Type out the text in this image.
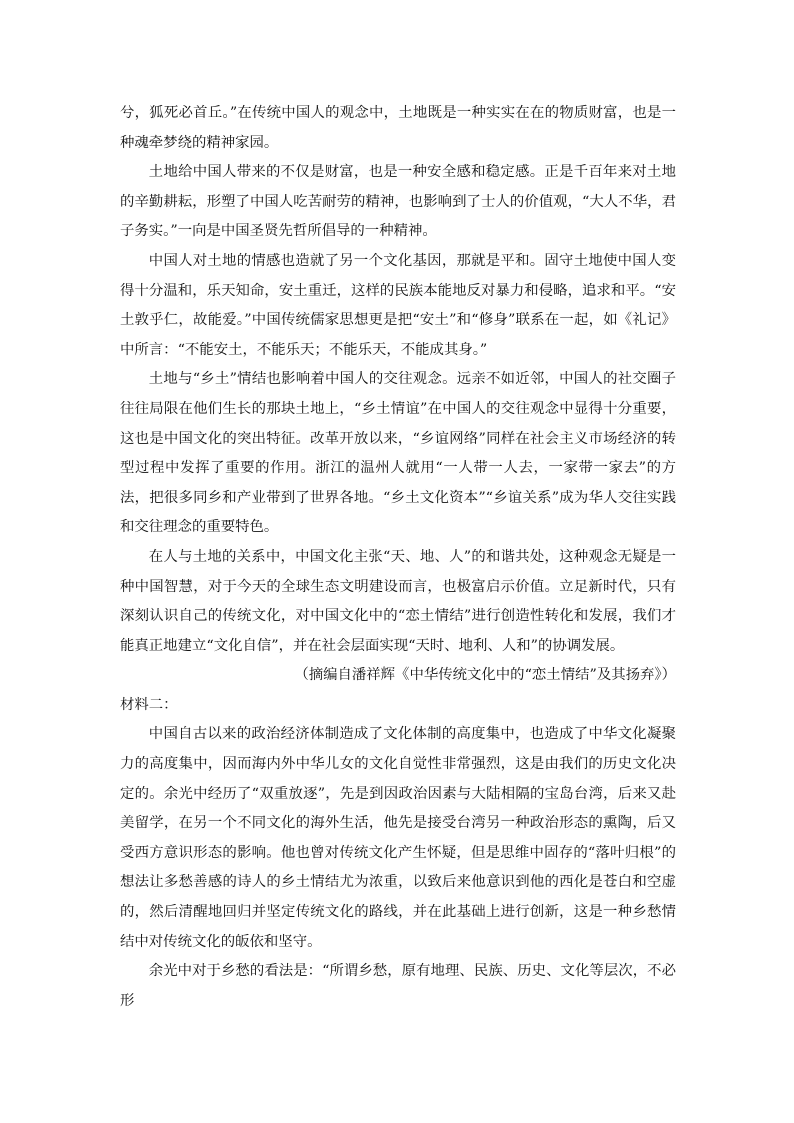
兮，狐死必首丘。”在传统中国人的观念中，土地既是一种实实在在的物质财富，也是一种魂牵梦绕的精神家园。

土地给中国人带来的不仅是财富，也是一种安全感和稳定感。正是千百年来对土地的辛勤耕耘，形塑了中国人吃苦耐劳的精神，也影响到了士人的价值观，“大人不华，君子务实。”一向是中国圣贤先哲所倡导的一种精神。

中国人对土地的情感也造就了另一个文化基因，那就是平和。固守土地使中国人变得十分温和，乐天知命，安土重迁，这样的民族本能地反对暴力和侵略，追求和平。“安土敦乎仁，故能爱。”中国传统儒家思想更是把“安土”和“修身”联系在一起，如《礼记》中所言：“不能安土，不能乐天；不能乐天，不能成其身。”

土地与“乡土”情结也影响着中国人的交往观念。远亲不如近邻，中国人的社交圈子往往局限在他们生长的那块土地上，“乡土情谊”在中国人的交往观念中显得十分重要，这也是中国文化的突出特征。改革开放以来，“乡谊网络”同样在社会主义市场经济的转型过程中发挥了重要的作用。浙江的温州人就用“一人带一人去，一家带一家去”的方法，把很多同乡和产业带到了世界各地。“乡土文化资本”“乡谊关系”成为华人交往实践和交往理念的重要特色。

在人与土地的关系中，中国文化主张“天、地、人”的和谐共处，这种观念无疑是一种中国智慧，对于今天的全球生态文明建设而言，也极富启示价值。立足新时代，只有深刻认识自己的传统文化，对中国文化中的“恋土情结”进行创造性转化和发展，我们才能真正地建立“文化自信”，并在社会层面实现“天时、地利、人和”的协调发展。

（摘编自潘祥辉《中华传统文化中的“恋土情结”及其扬弃》）

材料二：

中国自古以来的政治经济体制造成了文化体制的高度集中，也造成了中华文化凝聚力的高度集中，因而海内外中华儿女的文化自觉性非常强烈，这是由我们的历史文化决定的。余光中经历了“双重放逐”，先是到因政治因素与大陆相隔的宝岛台湾，后来又赴美留学，在另一个不同文化的海外生活，他先是接受台湾另一种政治形态的熏陶，后又受西方意识形态的影响。他也曾对传统文化产生怀疑，但是思维中固存的“落叶归根”的想法让多愁善感的诗人的乡土情结尤为浓重，以致后来他意识到他的西化是苍白和空虚的，然后清醒地回归并坚定传统文化的路线，并在此基础上进行创新，这是一种乡愁情结中对传统文化的皈依和坚守。

余光中对于乡愁的看法是：“所谓乡愁，原有地理、民族、历史、文化等层次，不必形
